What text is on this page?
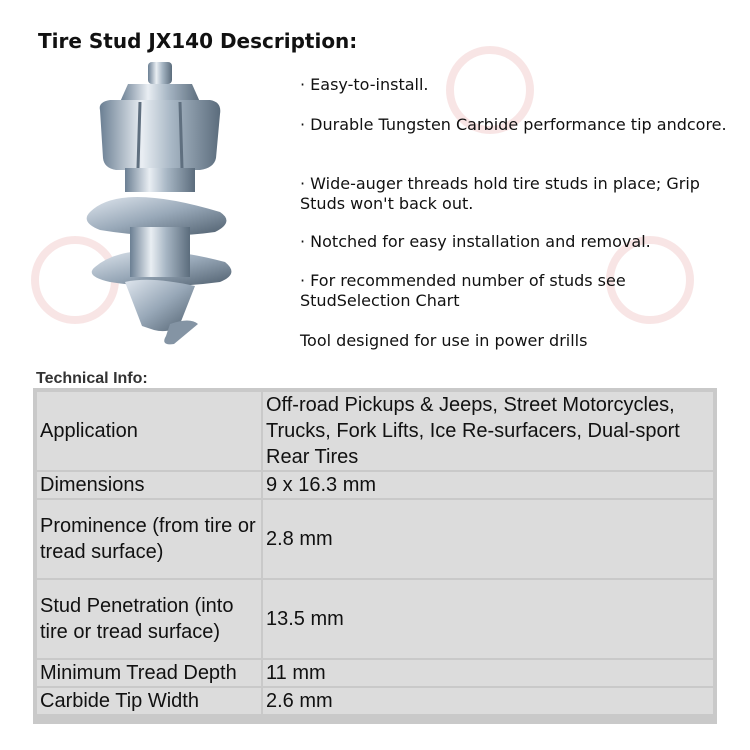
Tire Stud JX140 Description:
· Easy-to-install.
· Durable Tungsten Carbide performance tip andcore.
· Wide-auger threads hold tire studs in place; Grip Studs won't back out.
· Notched for easy installation and removal.
· For recommended number of studs see StudSelection Chart
Tool designed for use in power drills
Technical Info:
Application	Off-road Pickups & Jeeps, Street Motorcycles, Trucks, Fork Lifts, Ice Re-surfacers, Dual-sport Rear Tires
Dimensions	9 x 16.3 mm
Prominence (from tire or tread surface)	2.8 mm
Stud Penetration (into tire or tread surface)	13.5 mm
Minimum Tread Depth	11 mm
Carbide Tip Width	2.6 mm
